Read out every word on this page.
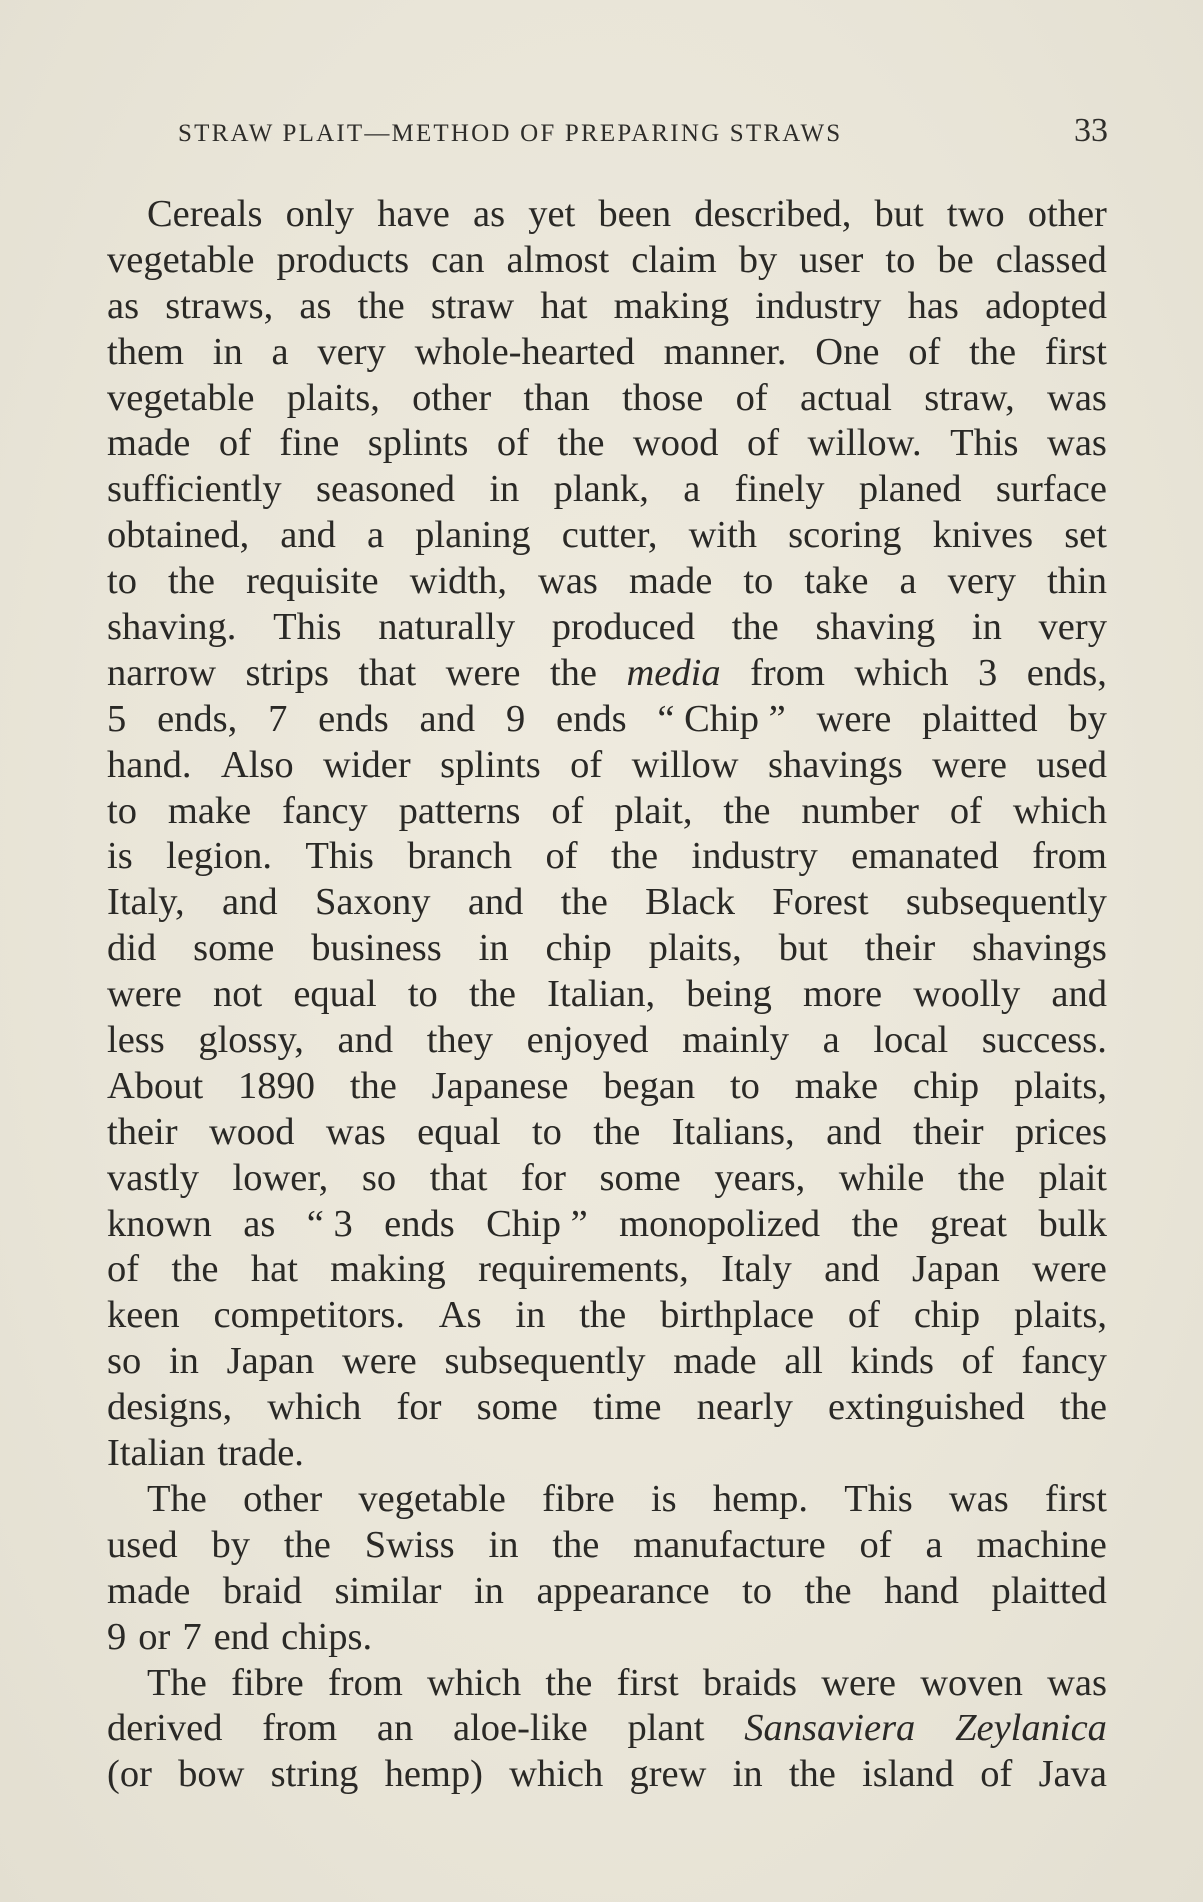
STRAW PLAIT—METHOD OF PREPARING STRAWS	33
Cereals only have as yet been described, but two other
vegetable products can almost claim by user to be classed
as straws, as the straw hat making industry has adopted
them in a very whole-hearted manner. One of the first
vegetable plaits, other than those of actual straw, was
made of fine splints of the wood of willow. This was
sufficiently seasoned in plank, a finely planed surface
obtained, and a planing cutter, with scoring knives set
to the requisite width, was made to take a very thin
shaving. This naturally produced the shaving in very
narrow strips that were the media from which 3 ends,
5 ends, 7 ends and 9 ends “ Chip ” were plaitted by
hand. Also wider splints of willow shavings were used
to make fancy patterns of plait, the number of which
is legion. This branch of the industry emanated from
Italy, and Saxony and the Black Forest subsequently
did some business in chip plaits, but their shavings
were not equal to the Italian, being more woolly and
less glossy, and they enjoyed mainly a local success.
About 1890 the Japanese began to make chip plaits,
their wood was equal to the Italians, and their prices
vastly lower, so that for some years, while the plait
known as “ 3 ends Chip ” monopolized the great bulk
of the hat making requirements, Italy and Japan were
keen competitors. As in the birthplace of chip plaits,
so in Japan were subsequently made all kinds of fancy
designs, which for some time nearly extinguished the
Italian trade.
The other vegetable fibre is hemp. This was first
used by the Swiss in the manufacture of a machine
made braid similar in appearance to the hand plaitted
9 or 7 end chips.
The fibre from which the first braids were woven was
derived from an aloe-like plant Sansaviera Zeylanica
(or bow string hemp) which grew in the island of Java
